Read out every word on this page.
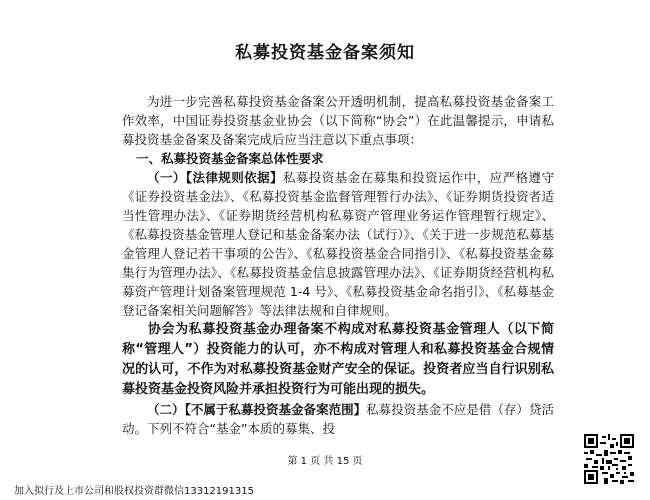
私募投资基金备案须知

为进一步完善私募投资基金备案公开透明机制，提高私募投资基金备案工作效率，中国证券投资基金业协会（以下简称“协会”）在此温馨提示，申请私募投资基金备案及备案完成后应当注意以下重点事项：

一、私募投资基金备案总体性要求

（一）【法律规则依据】私募投资基金在募集和投资运作中，应严格遵守《证券投资基金法》、《私募投资基金监督管理暂行办法》、《证券期货投资者适当性管理办法》、《证券期货经营机构私募资产管理业务运作管理暂行规定》、《私募投资基金管理人登记和基金备案办法（试行）》、《关于进一步规范私募基金管理人登记若干事项的公告》、《私募投资基金合同指引》、《私募投资基金募集行为管理办法》、《私募投资基金信息披露管理办法》、《证券期货经营机构私募资产管理计划备案管理规范 1-4 号》、《私募投资基金命名指引》、《私募基金登记备案相关问题解答》等法律法规和自律规则。

协会为私募投资基金办理备案不构成对私募投资基金管理人（以下简称“管理人”）投资能力的认可，亦不构成对管理人和私募投资基金合规情况的认可，不作为对私募投资基金财产安全的保证。投资者应当自行识别私募投资基金投资风险并承担投资行为可能出现的损失。

（二）【不属于私募投资基金备案范围】私募投资基金不应是借（存）贷活动。下列不符合“基金”本质的募集、投

第 1 页 共 15 页
加入拟行及上市公司和股权投资群微信13312191315
